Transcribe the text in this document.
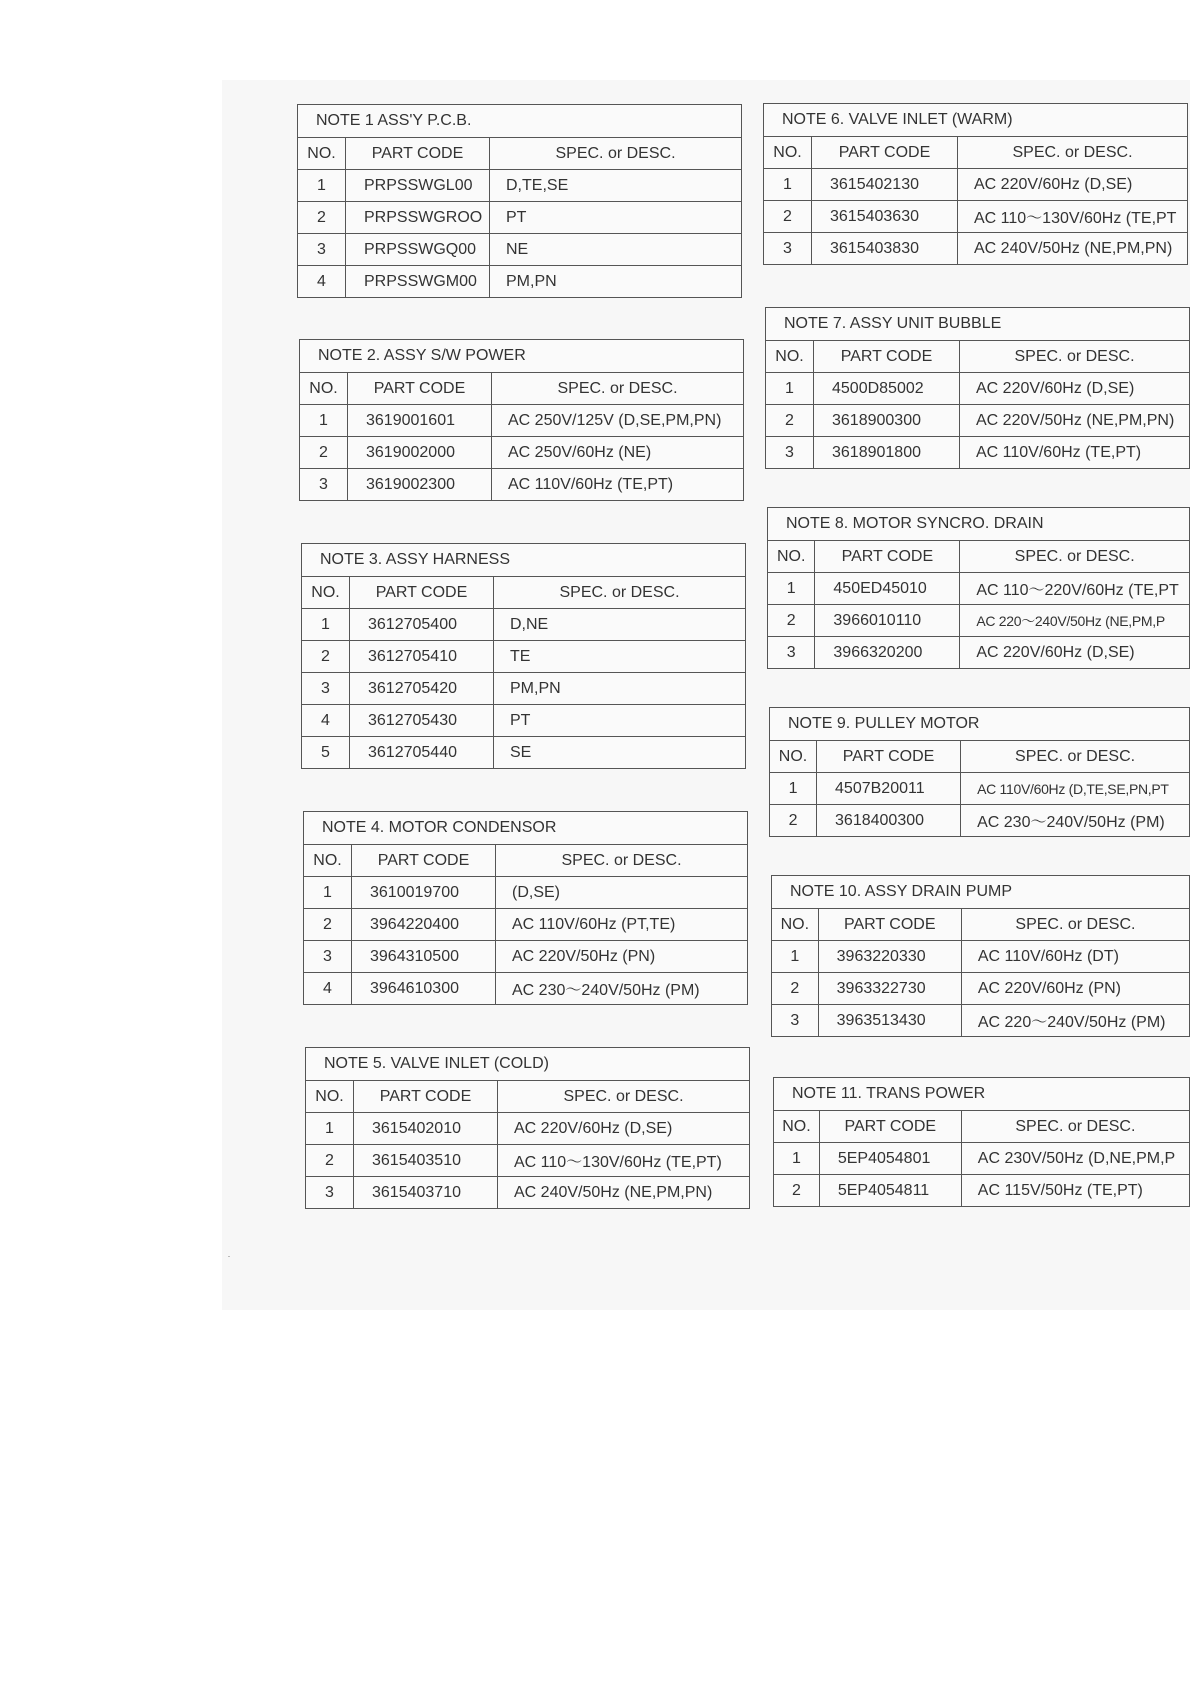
NOTE 1 ASS'Y P.C.B.		
NO.	PART CODE	SPEC. or DESC.
1	PRPSSWGL00	D,TE,SE
2	PRPSSWGROO	PT
3	PRPSSWGQ00	NE
4	PRPSSWGM00	PM,PN
NOTE 2. ASSY S/W POWER		
NO.	PART CODE	SPEC. or DESC.
1	3619001601	AC 250V/125V (D,SE,PM,PN)
2	3619002000	AC 250V/60Hz (NE)
3	3619002300	AC 110V/60Hz (TE,PT)
NOTE 3. ASSY HARNESS		
NO.	PART CODE	SPEC. or DESC.
1	3612705400	D,NE
2	3612705410	TE
3	3612705420	PM,PN
4	3612705430	PT
5	3612705440	SE
NOTE 4. MOTOR CONDENSOR		
NO.	PART CODE	SPEC. or DESC.
1	3610019700	(D,SE)
2	3964220400	AC 110V/60Hz (PT,TE)
3	3964310500	AC 220V/50Hz (PN)
4	3964610300	AC 230～240V/50Hz (PM)
NOTE 5. VALVE INLET (COLD)		
NO.	PART CODE	SPEC. or DESC.
1	3615402010	AC 220V/60Hz (D,SE)
2	3615403510	AC 110～130V/60Hz (TE,PT)
3	3615403710	AC 240V/50Hz (NE,PM,PN)
NOTE 6. VALVE INLET (WARM)		
NO.	PART CODE	SPEC. or DESC.
1	3615402130	AC 220V/60Hz (D,SE)
2	3615403630	AC 110～130V/60Hz (TE,PT
3	3615403830	AC 240V/50Hz (NE,PM,PN)
NOTE 7. ASSY UNIT BUBBLE		
NO.	PART CODE	SPEC. or DESC.
1	4500D85002	AC 220V/60Hz (D,SE)
2	3618900300	AC 220V/50Hz (NE,PM,PN)
3	3618901800	AC 110V/60Hz (TE,PT)
NOTE 8. MOTOR SYNCRO. DRAIN		
NO.	PART CODE	SPEC. or DESC.
1	450ED45010	AC 110～220V/60Hz (TE,PT
2	3966010110	AC 220～240V/50Hz (NE,PM,P
3	3966320200	AC 220V/60Hz (D,SE)
NOTE 9. PULLEY MOTOR		
NO.	PART CODE	SPEC. or DESC.
1	4507B20011	AC 110V/60Hz (D,TE,SE,PN,PT
2	3618400300	AC 230～240V/50Hz (PM)
NOTE 10. ASSY DRAIN PUMP		
NO.	PART CODE	SPEC. or DESC.
1	3963220330	AC 110V/60Hz (DT)
2	3963322730	AC 220V/60Hz (PN)
3	3963513430	AC 220～240V/50Hz (PM)
NOTE 11. TRANS POWER		
NO.	PART CODE	SPEC. or DESC.
1	5EP4054801	AC 230V/50Hz (D,NE,PM,P
2	5EP4054811	AC 115V/50Hz (TE,PT)
